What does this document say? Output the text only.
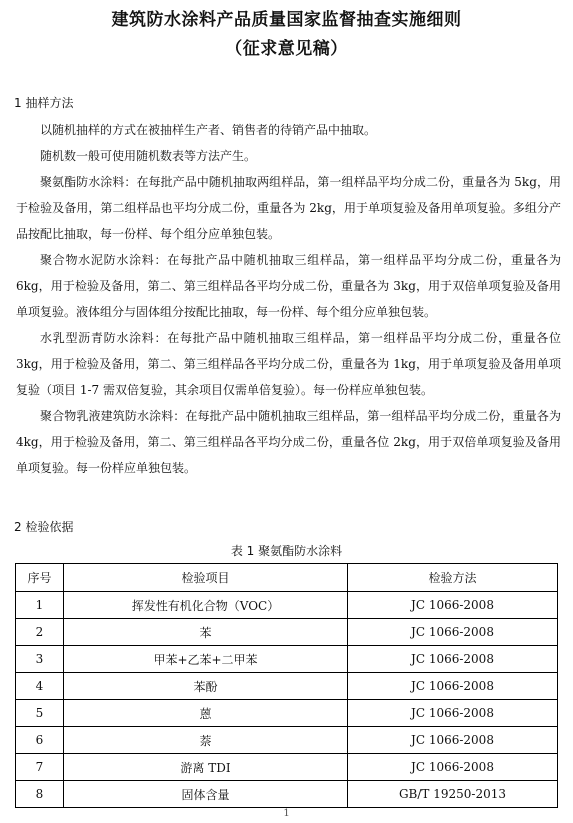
建筑防水涂料产品质量国家监督抽查实施细则
（征求意见稿）
1 抽样方法
以随机抽样的方式在被抽样生产者、销售者的待销产品中抽取。
随机数一般可使用随机数表等方法产生。
聚氨酯防水涂料：在每批产品中随机抽取两组样品，第一组样品平均分成二份，重量各为 5kg，用于检验及备用，第二组样品也平均分成二份，重量各为 2kg，用于单项复验及备用单项复验。多组分产品按配比抽取，每一份样、每个组分应单独包装。
聚合物水泥防水涂料：在每批产品中随机抽取三组样品，第一组样品平均分成二份，重量各为 6kg，用于检验及备用，第二、第三组样品各平均分成二份，重量各为 3kg，用于双倍单项复验及备用单项复验。液体组分与固体组分按配比抽取，每一份样、每个组分应单独包装。
水乳型沥青防水涂料：在每批产品中随机抽取三组样品，第一组样品平均分成二份，重量各位 3kg，用于检验及备用，第二、第三组样品各平均分成二份，重量各为 1kg，用于单项复验及备用单项复验（项目 1-7 需双倍复验，其余项目仅需单倍复验）。每一份样应单独包装。
聚合物乳液建筑防水涂料：在每批产品中随机抽取三组样品，第一组样品平均分成二份，重量各为 4kg，用于检验及备用，第二、第三组样品各平均分成二份，重量各位 2kg，用于双倍单项复验及备用单项复验。每一份样应单独包装。
2 检验依据
表 1 聚氨酯防水涂料
序号	检验项目	检验方法
1	挥发性有机化合物（VOC）	JC 1066-2008
2	苯	JC 1066-2008
3	甲苯+乙苯+二甲苯	JC 1066-2008
4	苯酚	JC 1066-2008
5	蒽	JC 1066-2008
6	萘	JC 1066-2008
7	游离 TDI	JC 1066-2008
8	固体含量	GB/T 19250-2013
1
